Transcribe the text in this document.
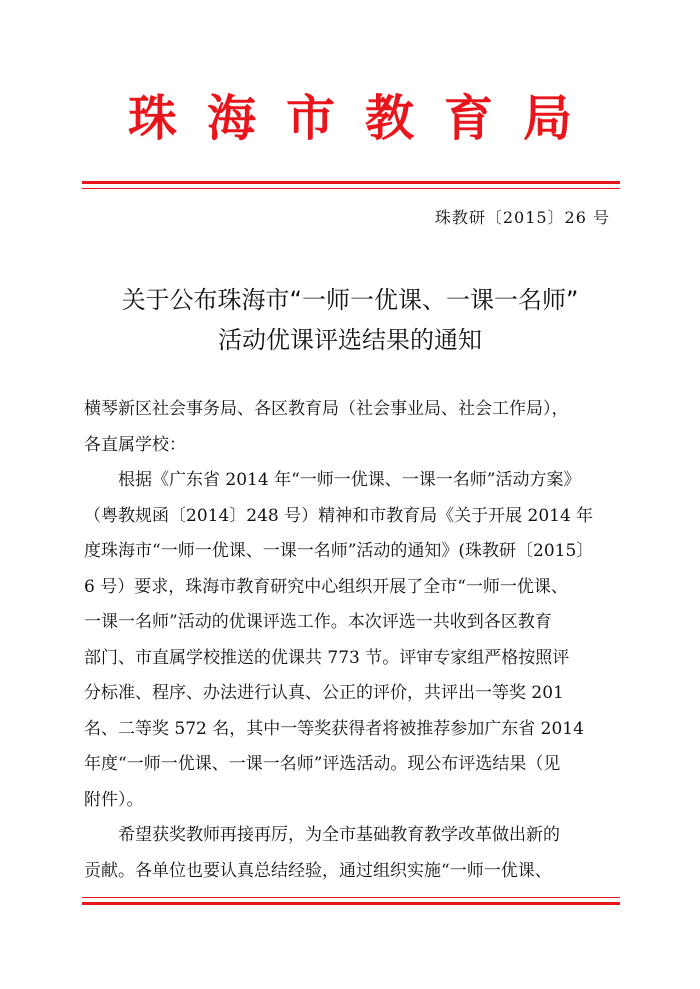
珠海市教育局
珠教研〔2015〕26 号
关于公布珠海市“一师一优课、一课一名师”
活动优课评选结果的通知
横琴新区社会事务局、各区教育局（社会事业局、社会工作局），
各直属学校：
根据《广东省 2014 年“一师一优课、一课一名师”活动方案》
（粤教规函〔2014〕248 号）精神和市教育局《关于开展 2014 年
度珠海市“一师一优课、一课一名师”活动的通知》(珠教研〔2015〕
6 号）要求，珠海市教育研究中心组织开展了全市“一师一优课、
一课一名师”活动的优课评选工作。本次评选一共收到各区教育
部门、市直属学校推送的优课共 773 节。评审专家组严格按照评
分标准、程序、办法进行认真、公正的评价，共评出一等奖 201
名、二等奖 572 名，其中一等奖获得者将被推荐参加广东省 2014
年度“一师一优课、一课一名师”评选活动。现公布评选结果（见
附件）。
希望获奖教师再接再厉，为全市基础教育教学改革做出新的
贡献。各单位也要认真总结经验，通过组织实施“一师一优课、
